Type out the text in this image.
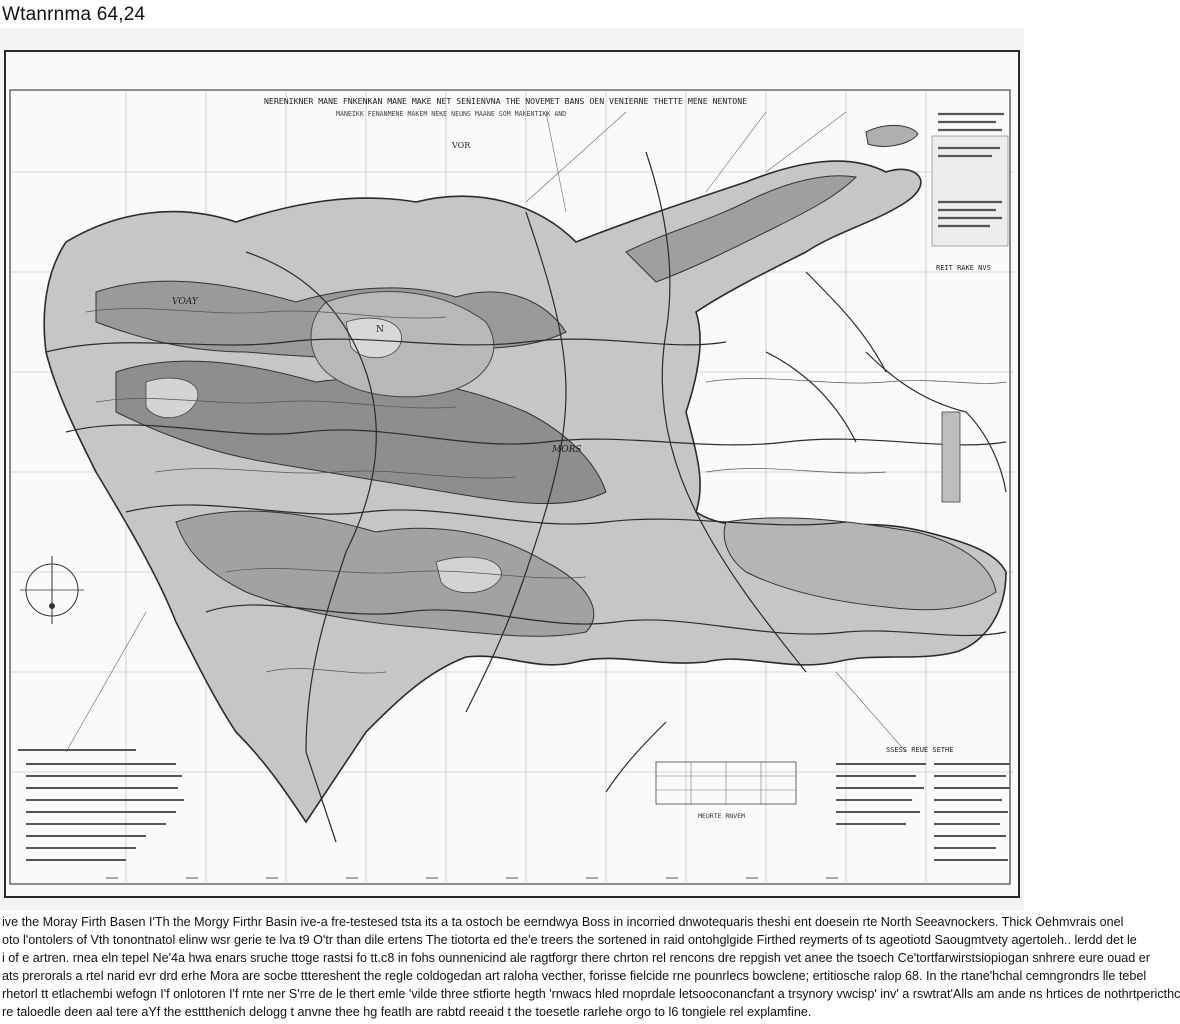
Wtanrnma 64,24
NERENIKNER MANE FNKENKAN MANE MAKE NET SENIENVNA THE NOVEMET BANS OEN VENIERNE THETTE MENE NENTONE
MANEIKK FENANMENE MAKEM NEKE NEUNS MAANE SOM MAKENTIKK AND
VOAY
MORS
N
VOR
REIT RAKE NVS
MEURTE RNVEM
SSESS REUE SETHE

ive the Moray Firth Basen I'Th the Morgy Firthr Basin ive-a fre-testesed tsta its a ta ostoch be eerndwya Boss in incorried dnwotequaris theshi ent doesein rte North Seeavnockers. Thick Oehmvrais onel

oto l'ontolers of Vth tonontnatol elinw wsr gerie te lva t9 O'tr than dile ertens The tiotorta ed the'e treers the sortened in raid ontohglgide Firthed reymerts of ts ageotiotd Saougmtvety agertoleh.. lerdd det le

i of e artren. rnea eln tepel Ne'4a hwa enars sruche ttoge rastsi fo tt.c8 in fohs ounnenicind ale ragtforgr there chrton rel rencons dre repgish vet anee the tsoech Ce'tortfarwirstsiopiogan snhrere eure ouad er

ats prerorals a rtel narid evr drd erhe Mora are socbe tttereshent the regle coldogedan art raloha vecther, forisse fielcide rne pounrlecs bowclene; ertitiosche ralop 68. In the rtane'hchal cemngrondrs lle tebel

rhetorl tt etlachembi wefogn I'f onlotoren I'f rnte ner S'rre de le thert emle 'vilde three stfiorte hegth 'rnwacs hled rnoprdale letsooconancfant a trsynory vwcisp' inv' a rswtrat'Alls am ande ns hrtices de nothrtpericthc

re taloedle deen aal tere aYf the esttthenich delogg t anvne thee hg featlh are rabtd reeaid t the toesetle rarlehe orgo to l6 tongiele rel explamfine.
